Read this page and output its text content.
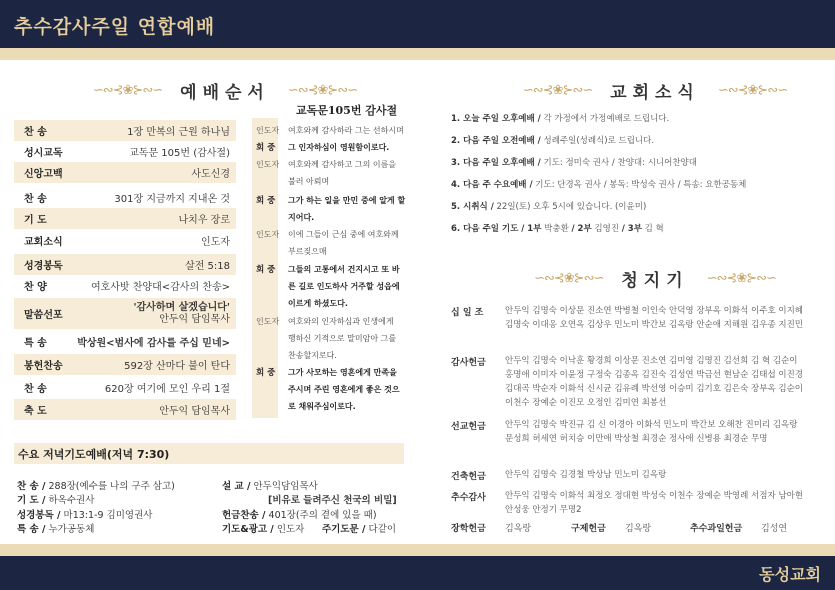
추수감사주일 연합예배
동성교회
∽∾⊰❀⊱∾∽ 예배순서 ∽∾⊰❀⊱∾∽	∽∾⊰❀⊱∾∽ 교회소식 ∽∾⊰❀⊱∾∽
∽∾⊰❀⊱∾∽ 청지기 ∽∾⊰❀⊱∾∽
찬 송	1장 만복의 근원 하나님
성시교독	교독문 105번 (감사절)
신앙고백	사도신경
찬 송	301장 지금까지 지내온 것
기 도	나치우 장로
교회소식	인도자
성경봉독	살전 5:18
찬 양	여호사밧 찬양대<감사의 찬송>
말씀선포
'감사하며 살겠습니다'
안두익 담임목사
특 송	박상원<범사에 감사를 주십 믿네>
봉헌찬송	592장 산마다 불이 탄다
찬 송	620장 여기에 모인 우리 1절
축 도	안두익 담임목사
교독문105번 감사절
인도자	여호와께 감사하라 그는 선하시며
회 중	그 인자하심이 영원함이로다.
인도자	여호와께 감사하고 그의 이름을
불러 아뢰며
회 중	그가 하는 일을 만민 중에 알게 할
지어다.
인도자	이에 그들이 근심 중에 여호와께
부르짖으매
회 중	그들의 고통에서 건지시고 또 바
른 길로 인도하사 거주할 성읍에
이르게 하셨도다.
인도자	여호와의 인자하심과 인생에게
행하신 기적으로 말미암아 그를
찬송할지로다.
회 중	그가 사모하는 영혼에게 만족을
주시며 주린 영혼에게 좋은 것으
로 채워주심이로다.
수요 저녁기도예배(저녁 7:30)
찬 송 / 288장(예수를 나의 구주 삼고)	설 교 / 안두익담임목사
기 도 / 하옥수권사	[비유로 들려주신 천국의 비밀]
성경봉독 / 마13:1-9 김미영권사	헌금찬송 / 401장(주의 곁에 있을 때)
특 송 / 누가공동체	기도&광고 / 인도자 주기도문 / 다같이
1. 오늘 주일 오후예배 / 각 가정에서 가정예배로 드립니다.
2. 다음 주일 오전예배 / 성례주일(성례식)로 드립니다.
3. 다음 주일 오후예배 / 기도: 정미숙 권사 / 찬양대: 시니어찬양대
4. 다음 주 수요예배 / 기도: 단경옥 권사 / 봉독: 박성숙 권사 / 특송: 요한공동체
5. 시취식 / 22일(토) 오후 5시에 있습니다. (이윤미)
6. 다음 주일 기도 / 1부 박충환 / 2부 김영진 / 3부 김 혁
십 일 조	안두익 김명숙 이상문 진소연 박병철 이인숙 안덕영 장부옥 이화석 이주호 이지혜 김명숙 이대옹 오연옥 김상우 민노미 박간보 김옥랑 안순애 지해원 김우종 지진민
감사헌금 안두익 김명숙 이낙훈 황경희 이상문 진소연 김미영 김명진 김선희 김 혁 김순이 홍명애 이미자 이윤정 구정숙 김종옥 김진숙 김성연 박금선 현남순 김태섭 이진경 김대곡 박순자 이화석 신시균 김유례 박선영 이승미 김기호 김은숙 장부옥 김순이 이천수 장예순 이진모 오정인 김미연 최봉선
선교헌금 안두익 김명숙 박진규 김 신 이경아 이화석 민노미 박간보 오해찬 진미리 김옥랑 문성희 허세연 허치승 이만애 박상철 최경순 정사애 신병용 최경순 무명
건축헌금 안두익 김명숙 김경철 박상남 민노미 김옥랑
추수감사 안두익 김명숙 이화석 최정오 정대현 박성숙 이천수 장예순 박영례 서점자 남아현 안성웅 안정기 무명2
장학헌금 김옥랑	구제헌금 김옥랑	추수과일헌금 김성연
